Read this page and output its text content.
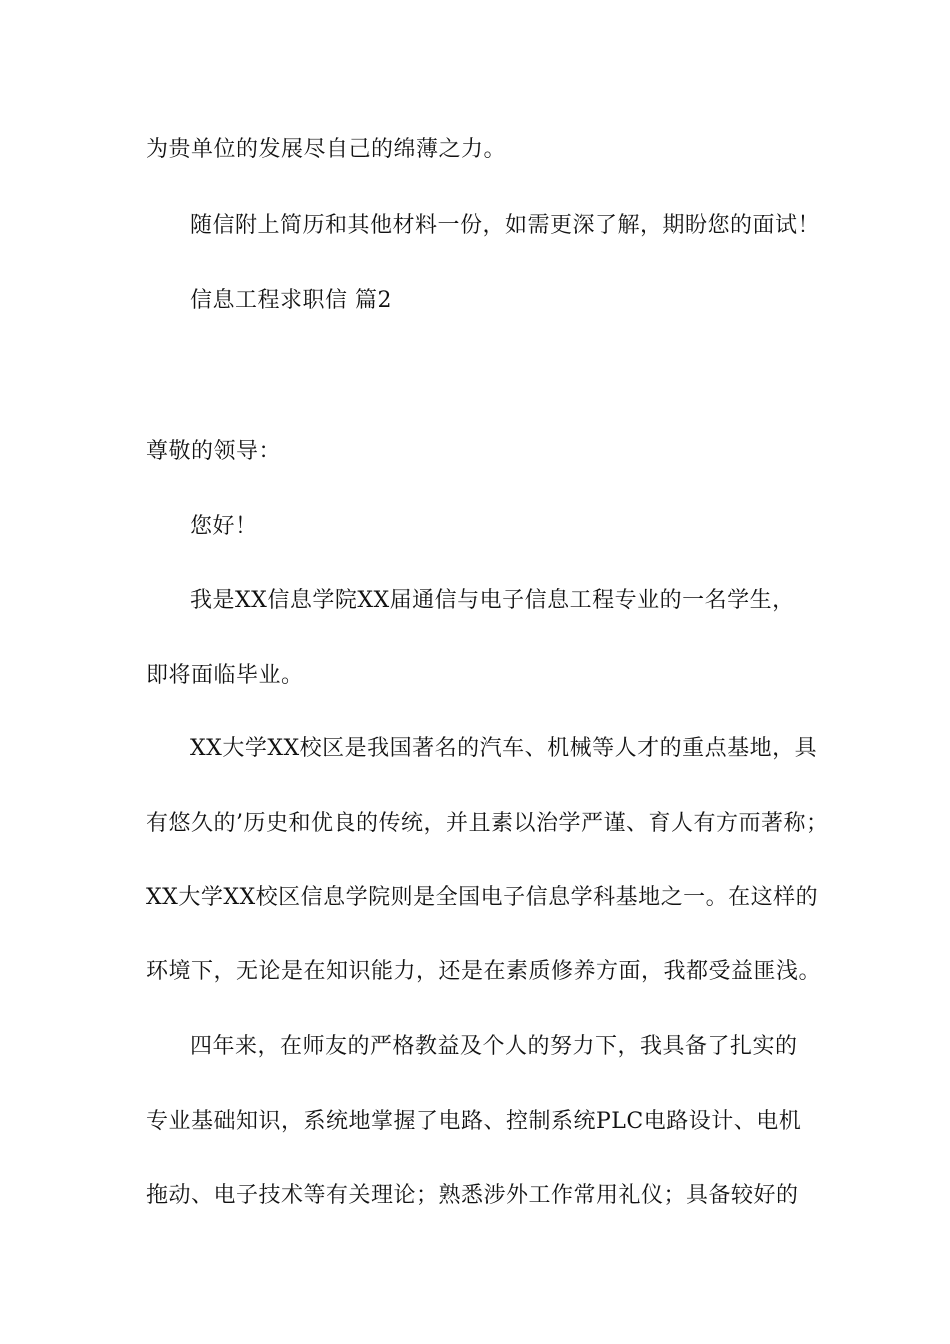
为贵单位的发展尽自己的绵薄之力。
随信附上简历和其他材料一份，如需更深了解，期盼您的面试！
信息工程求职信 篇2
尊敬的领导：
您好！
我是XX信息学院XX届通信与电子信息工程专业的一名学生，
即将面临毕业。
XX大学XX校区是我国著名的汽车、机械等人才的重点基地，具
有悠久的’历史和优良的传统，并且素以治学严谨、育人有方而著称；
XX大学XX校区信息学院则是全国电子信息学科基地之一。在这样的
环境下，无论是在知识能力，还是在素质修养方面，我都受益匪浅。
四年来，在师友的严格教益及个人的努力下，我具备了扎实的
专业基础知识，系统地掌握了电路、控制系统PLC电路设计、电机
拖动、电子技术等有关理论；熟悉涉外工作常用礼仪；具备较好的
